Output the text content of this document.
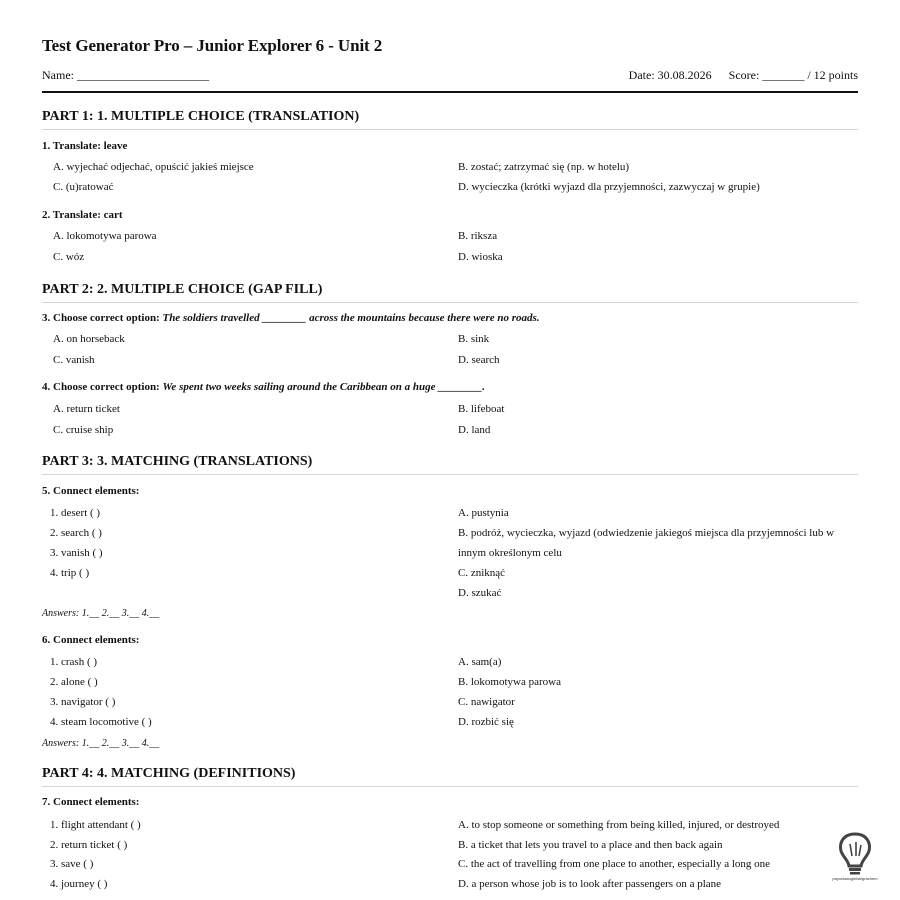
Test Generator Pro – Junior Explorer 6 - Unit 2
Name: ______________________	Date: 30.08.2026 Score: _______ / 12 points
PART 1: 1. MULTIPLE CHOICE (TRANSLATION)
1. Translate: leave
A. wyjechać odjechać, opuścić jakieś miejsce	B. zostać; zatrzymać się (np. w hotelu)
C. (u)ratować	D. wycieczka (krótki wyjazd dla przyjemności, zazwyczaj w grupie)
2. Translate: cart
A. lokomotywa parowa	B. riksza
C. wóz	D. wioska
PART 2: 2. MULTIPLE CHOICE (GAP FILL)
3. Choose correct option: The soldiers travelled ________ across the mountains because there were no roads.
A. on horseback	B. sink
C. vanish	D. search
4. Choose correct option: We spent two weeks sailing around the Caribbean on a huge ________.
A. return ticket	B. lifeboat
C. cruise ship	D. land
PART 3: 3. MATCHING (TRANSLATIONS)
5. Connect elements:
1. desert ( )
2. search ( )
3. vanish ( )
4. trip ( )
A. pustynia
B. podróż, wycieczka, wyjazd (odwiedzenie jakiegoś miejsca dla przyjemności lub w innym określonym celu
C. zniknąć
D. szukać
Answers: 1.__ 2.__ 3.__ 4.__
6. Connect elements:
1. crash ( )
2. alone ( )
3. navigator ( )
4. steam locomotive ( )
A. sam(a)
B. lokomotywa parowa
C. nawigator
D. rozbić się
Answers: 1.__ 2.__ 3.__ 4.__
PART 4: 4. MATCHING (DEFINITIONS)
7. Connect elements:
1. flight attendant ( )
2. return ticket ( )
3. save ( )
4. journey ( )
A. to stop someone or something from being killed, injured, or destroyed
B. a ticket that lets you travel to a place and then back again
C. the act of travelling from one place to another, especially a long one
D. a person whose job is to look after passengers on a plane	payoniaangielskigrachem
